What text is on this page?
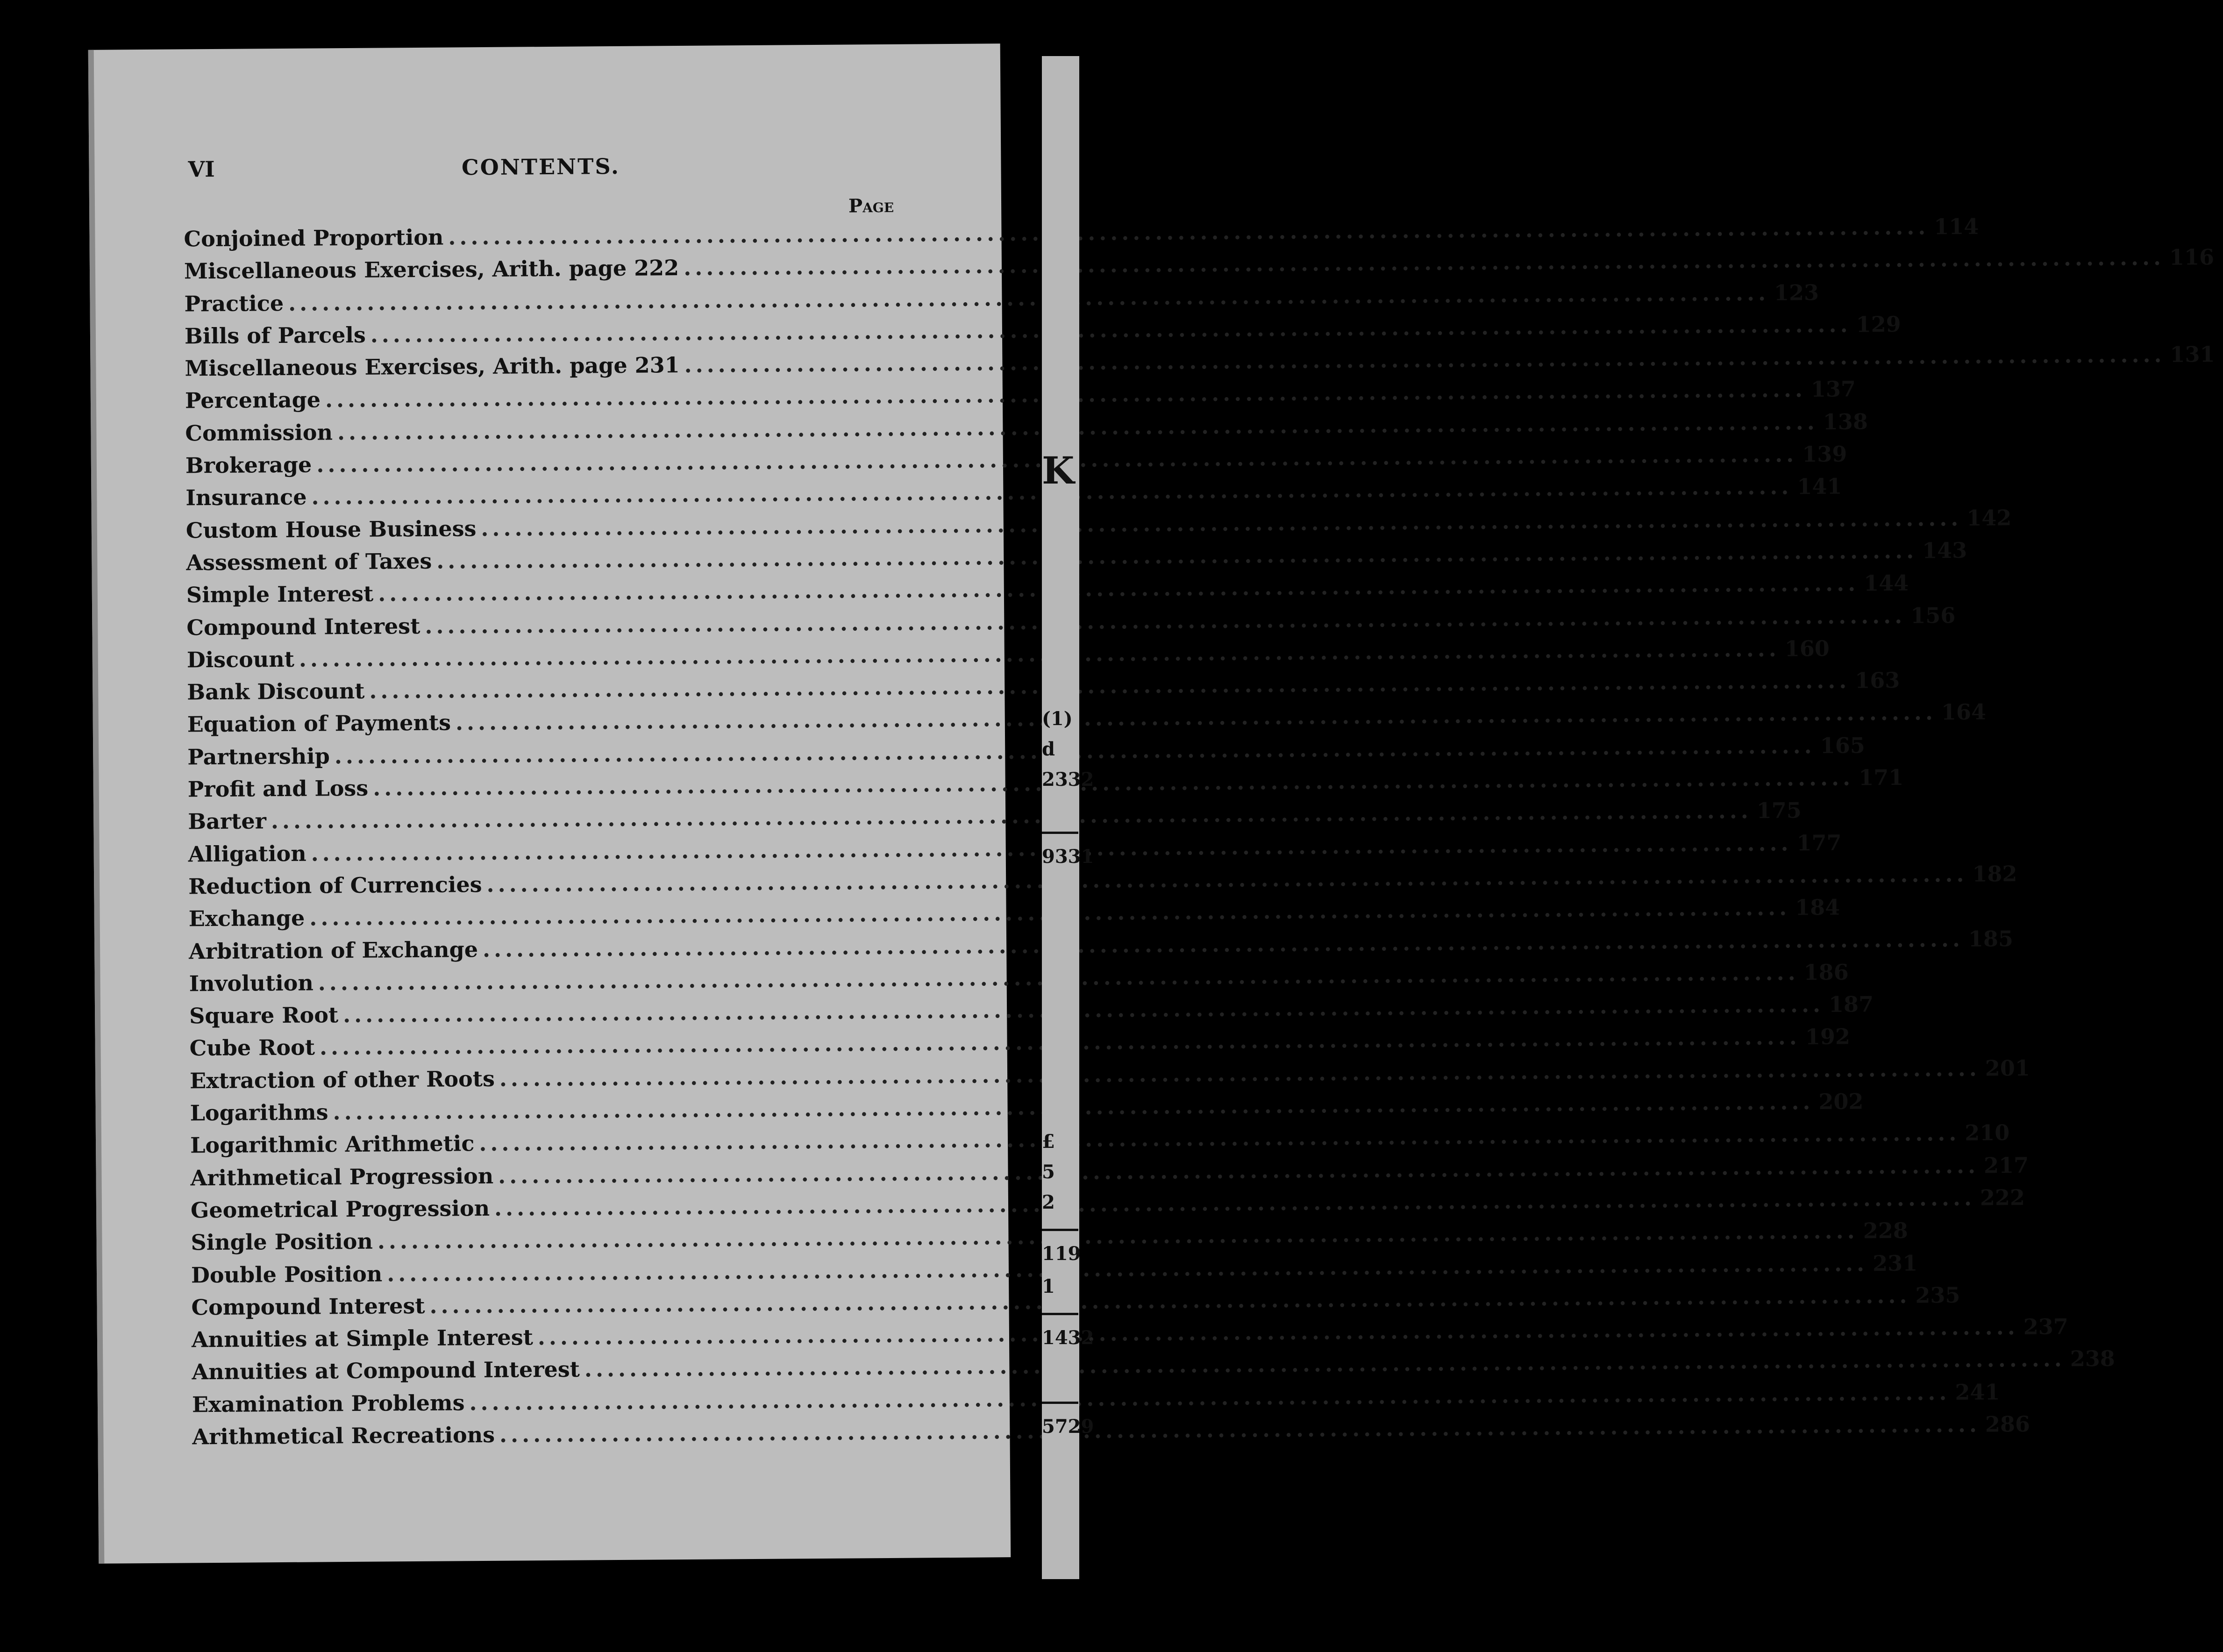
VI	CONTENTS.
Page
Conjoined Proportion .....	114
Miscellaneous Exercises, Arith. page 222 .....	116
Practice .....	123
Bills of Parcels .....	129
Miscellaneous Exercises, Arith. page 231 .....	131
Percentage .....	137
Commission .....	138
Brokerage .....	139
Insurance .....	141
Custom House Business .....	142
Assessment of Taxes .....	143
Simple Interest .....	144
Compound Interest .....	156
Discount .....	160
Bank Discount .....	163
Equation of Payments .....	164
Partnership .....	165
Profit and Loss .....	171
Barter .....	175
Alligation .....	177
Reduction of Currencies .....	182
Exchange .....	184
Arbitration of Exchange .....	185
Involution .....	186
Square Root .....	187
Cube Root .....	192
Extraction of other Roots .....	201
Logarithms .....	202
Logarithmic Arithmetic .....	210
Arithmetical Progression .....	217
Geometrical Progression .....	222
Single Position .....	228
Double Position .....	231
Compound Interest .....	235
Annuities at Simple Interest .....	237
Annuities at Compound Interest .....	238
Examination Problems .....	241
Arithmetical Recreations .....	286
K
(1)
d
2332
9331
£
5
2
119
1
1432
5729
